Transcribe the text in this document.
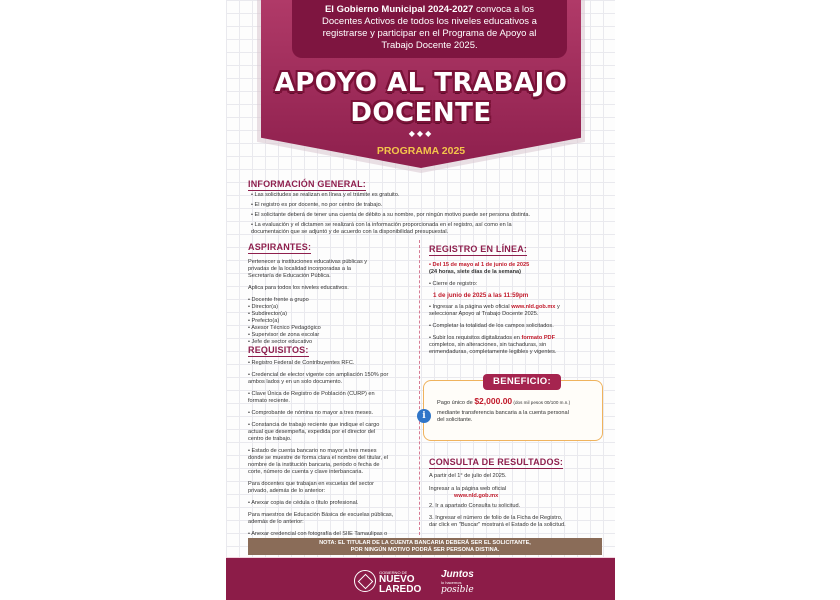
El Gobierno Municipal 2024-2027 convoca a los
Docentes Activos de todos los niveles educativos a
registrarse y participar en el Programa de Apoyo al
Trabajo Docente 2025.
APOYO AL TRABAJO
DOCENTE
◆◆◆
PROGRAMA 2025
INFORMACIÓN GENERAL:
• Las solicitudes se realizan en línea y el trámite es gratuito.
• El registro es por docente, no por centro de trabajo.
• El solicitante deberá de tener una cuenta de débito a su nombre, por ningún motivo puede ser persona distinta.
• La evaluación y el dictamen se realizará con la información proporcionada en el registro, así como en la
documentación que se adjuntó y de acuerdo con la disponibilidad presupuestal.
ASPIRANTES:
Pertenecer a instituciones educativas públicas y
privadas de la localidad incorporadas a la
Secretaría de Educación Pública.
Aplica para todos los niveles educativos.
• Docente frente a grupo
• Director(a)
• Subdirector(a)
• Prefecto(a)
• Asesor Técnico Pedagógico
• Supervisor de zona escolar
• Jefe de sector educativo
REQUISITOS:
• Registro Federal de Contribuyentes RFC.
• Credencial de elector vigente con ampliación 150% por
ambos lados y en un solo documento.
• Clave Única de Registro de Población (CURP) en
formato reciente.
• Comprobante de nómina no mayor a tres meses.
• Constancia de trabajo reciente que indique el cargo
actual que desempeña, expedida por el director del
centro de trabajo.
• Estado de cuenta bancario no mayor a tres meses
donde se muestre de forma clara el nombre del titular, el
nombre de la institución bancaria, periodo o fecha de
corte, número de cuenta y clave interbancaria.
Para docentes que trabajan en escuelas del sector
privado, además de lo anterior:
• Anexar copia de cédula o título profesional.
Para maestros de Educación Básica de escuelas públicas,
además de lo anterior:
• Anexar credencial con fotografía del SIIE Tamaulipas o
REGISTRO EN LÍNEA:
• Del 15 de mayo al 1 de junio de 2025
(24 horas, siete días de la semana)
• Cierre de registro:
1 de junio de 2025 a las 11:59pm
• Ingresar a la página web oficial www.nld.gob.mx y
seleccionar Apoyo al Trabajo Docente 2025.
• Completar la totalidad de los campos solicitados.
• Subir los requisitos digitalizados en formato PDF
completos, sin alteraciones, sin tachaduras, sin
enmendaduras, completamente legibles y vigentes.
BENEFICIO:
i
Pago único de $2,000.00 (dos mil pesos 00/100 m.n.)
mediante transferencia bancaria a la cuenta personal
del solicitante.
CONSULTA DE RESULTADOS:
A partir del 1° de julio del 2025.
Ingresar a la página web oficial
www.nld.gob.mx
2. Ir a apartado Consulta tu solicitud.
3. Ingresar el número de folio de la Ficha de Registro,
dar click en "Buscar" mostrará el Estado de la solicitud.
NOTA: EL TITULAR DE LA CUENTA BANCARIA DEBERÁ SER EL SOLICITANTE,
POR NINGÚN MOTIVO PODRÁ SER PERSONA DISTINA.
GOBIERNO DE
NUEVO
LAREDO
Juntos
lo hacemos
posible
